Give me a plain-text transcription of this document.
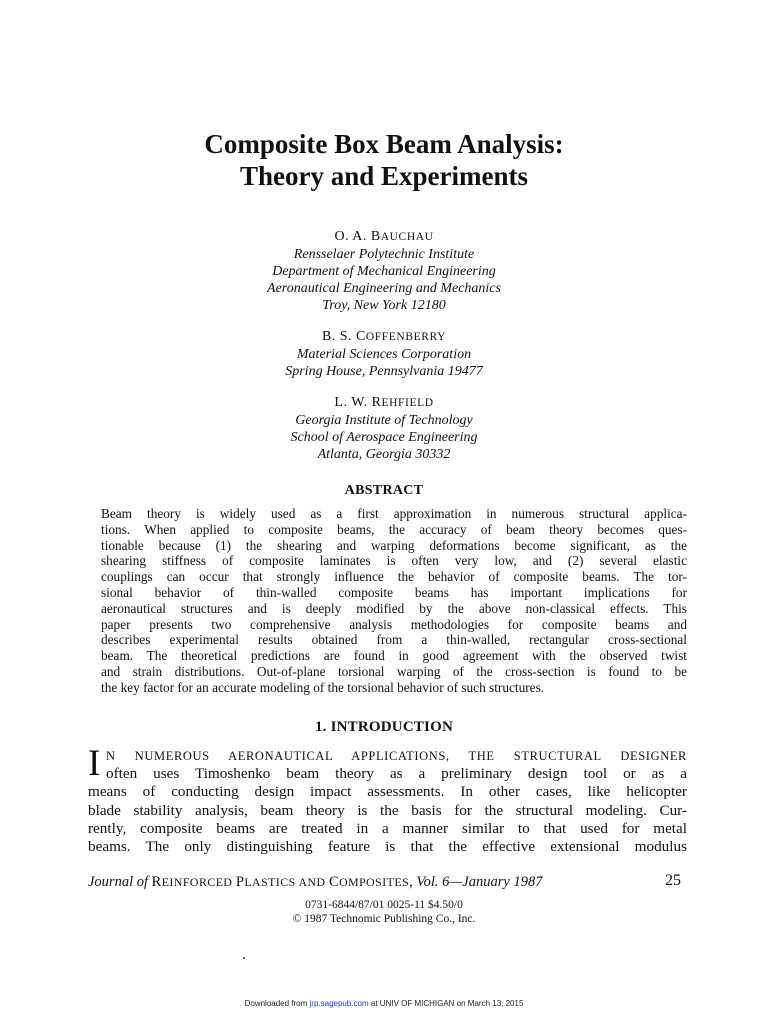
Composite Box Beam Analysis:
Theory and Experiments
O. A. BAUCHAU
Rensselaer Polytechnic Institute
Department of Mechanical Engineering
Aeronautical Engineering and Mechanics
Troy, New York 12180
B. S. COFFENBERRY
Material Sciences Corporation
Spring House, Pennsylvania 19477
L. W. REHFIELD
Georgia Institute of Technology
School of Aerospace Engineering
Atlanta, Georgia 30332
ABSTRACT
Beam theory is widely used as a first approximation in numerous structural applica-
tions. When applied to composite beams, the accuracy of beam theory becomes ques-
tionable because (1) the shearing and warping deformations become significant, as the
shearing stiffness of composite laminates is often very low, and (2) several elastic
couplings can occur that strongly influence the behavior of composite beams. The tor-
sional behavior of thin-walled composite beams has important implications for
aeronautical structures and is deeply modified by the above non-classical effects. This
paper presents two comprehensive analysis methodologies for composite beams and
describes experimental results obtained from a thin-walled, rectangular cross-sectional
beam. The theoretical predictions are found in good agreement with the observed twist
and strain distributions. Out-of-plane torsional warping of the cross-section is found to be
the key factor for an accurate modeling of the torsional behavior of such structures.
1. INTRODUCTION
I N NUMEROUS AERONAUTICAL APPLICATIONS, THE STRUCTURAL DESIGNER
often uses Timoshenko beam theory as a preliminary design tool or as a
means of conducting design impact assessments. In other cases, like helicopter
blade stability analysis, beam theory is the basis for the structural modeling. Cur-
rently, composite beams are treated in a manner similar to that used for metal
beams. The only distinguishing feature is that the effective extensional modulus
Journal of REINFORCED PLASTICS AND COMPOSITES, Vol. 6—January 1987	25
0731-6844/87/01 0025-11 $4.50/0
© 1987 Technomic Publishing Co., Inc.
Downloaded from jrp.sagepub.com at UNIV OF MICHIGAN on March 13, 2015
